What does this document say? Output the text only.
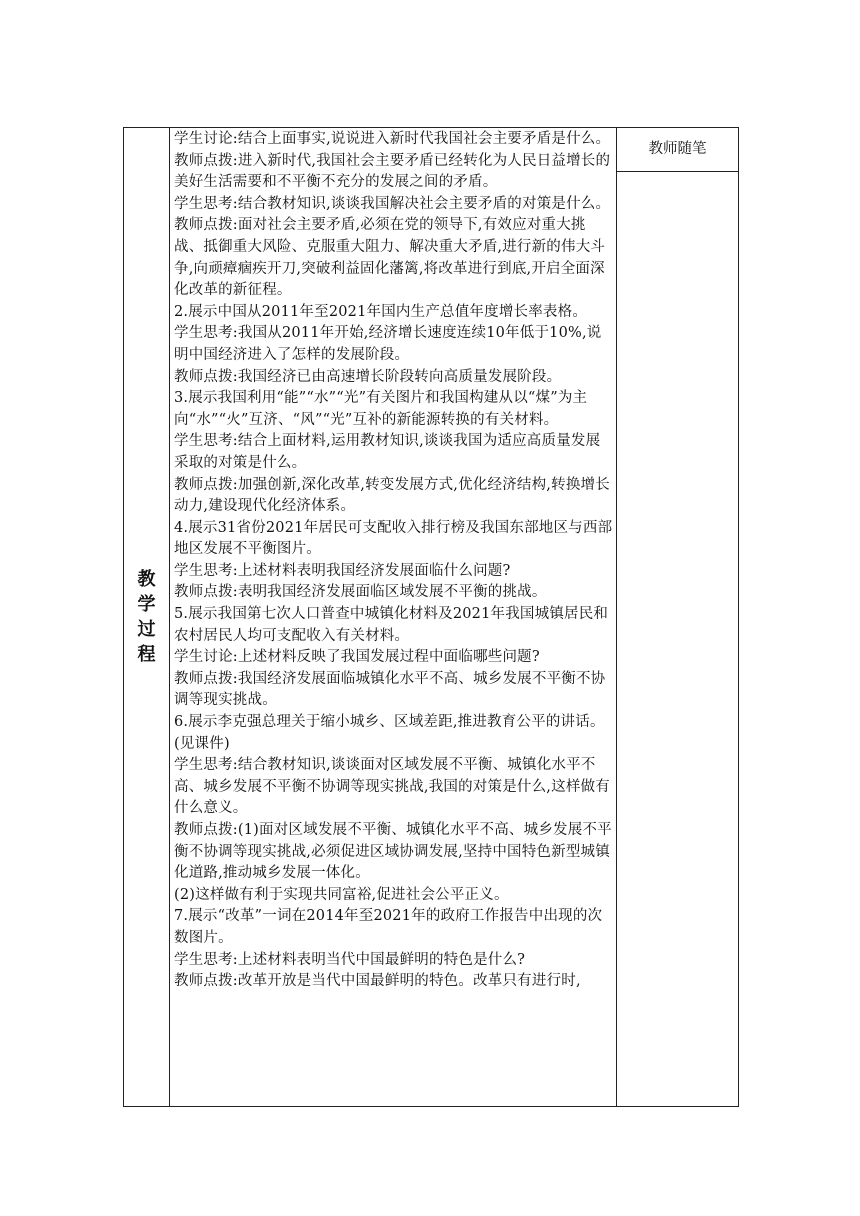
教
学
过
程

学生讨论:结合上面事实,说说进入新时代我国社会主要矛盾是什么。

教师点拨:进入新时代,我国社会主要矛盾已经转化为人民日益增长的美好生活需要和不平衡不充分的发展之间的矛盾。

学生思考:结合教材知识,谈谈我国解决社会主要矛盾的对策是什么。

教师点拨:面对社会主要矛盾,必须在党的领导下,有效应对重大挑战、抵御重大风险、克服重大阻力、解决重大矛盾,进行新的伟大斗争,向顽瘴痼疾开刀,突破利益固化藩篱,将改革进行到底,开启全面深化改革的新征程。

2.展示中国从2011年至2021年国内生产总值年度增长率表格。

学生思考:我国从2011年开始,经济增长速度连续10年低于10%,说明中国经济进入了怎样的发展阶段。

教师点拨:我国经济已由高速增长阶段转向高质量发展阶段。

3.展示我国利用“能”“水”“光”有关图片和我国构建从以“煤”为主向“水”“火”互济、“风”“光”互补的新能源转换的有关材料。

学生思考:结合上面材料,运用教材知识,谈谈我国为适应高质量发展采取的对策是什么。

教师点拨:加强创新,深化改革,转变发展方式,优化经济结构,转换增长动力,建设现代化经济体系。

4.展示31省份2021年居民可支配收入排行榜及我国东部地区与西部地区发展不平衡图片。

学生思考:上述材料表明我国经济发展面临什么问题?

教师点拨:表明我国经济发展面临区域发展不平衡的挑战。

5.展示我国第七次人口普查中城镇化材料及2021年我国城镇居民和农村居民人均可支配收入有关材料。

学生讨论:上述材料反映了我国发展过程中面临哪些问题?

教师点拨:我国经济发展面临城镇化水平不高、城乡发展不平衡不协调等现实挑战。

6.展示李克强总理关于缩小城乡、区域差距,推进教育公平的讲话。(见课件)

学生思考:结合教材知识,谈谈面对区域发展不平衡、城镇化水平不高、城乡发展不平衡不协调等现实挑战,我国的对策是什么,这样做有什么意义。

教师点拨:(1)面对区域发展不平衡、城镇化水平不高、城乡发展不平衡不协调等现实挑战,必须促进区域协调发展,坚持中国特色新型城镇化道路,推动城乡发展一体化。

(2)这样做有利于实现共同富裕,促进社会公平正义。

7.展示“改革”一词在2014年至2021年的政府工作报告中出现的次数图片。

学生思考:上述材料表明当代中国最鲜明的特色是什么?

教师点拨:改革开放是当代中国最鲜明的特色。改革只有进行时,

教师随笔
